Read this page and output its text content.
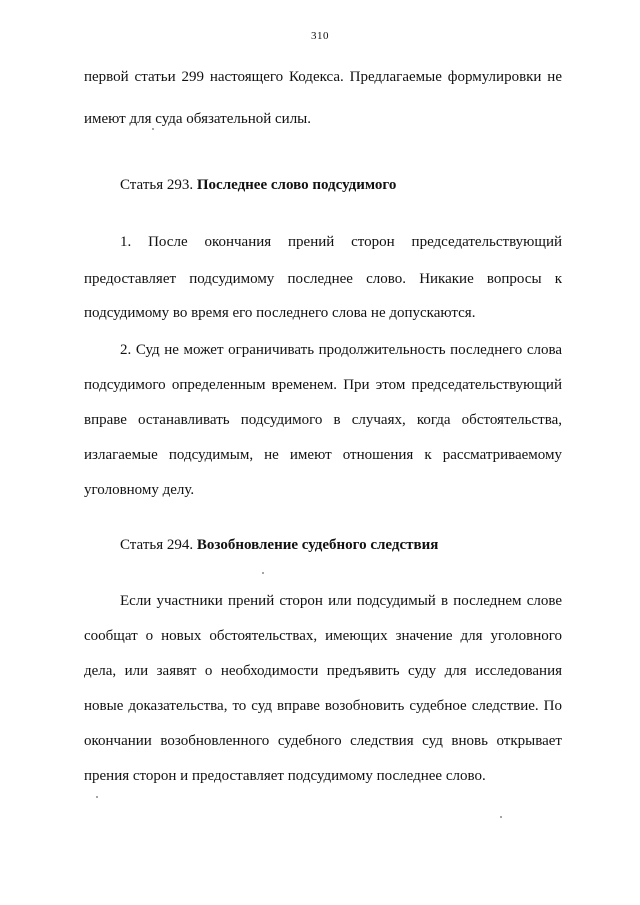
310
первой статьи 299 настоящего Кодекса. Предлагаемые формулировки не
имеют для суда обязательной силы.
Статья 293. Последнее слово подсудимого
1. После окончания прений сторон председательствующий
предоставляет подсудимому последнее слово. Никакие вопросы к
подсудимому во время его последнего слова не допускаются.
2. Суд не может ограничивать продолжительность последнего слова
подсудимого определенным временем. При этом председательствующий
вправе останавливать подсудимого в случаях, когда обстоятельства,
излагаемые подсудимым, не имеют отношения к рассматриваемому
уголовному делу.
Статья 294. Возобновление судебного следствия
Если участники прений сторон или подсудимый в последнем слове
сообщат о новых обстоятельствах, имеющих значение для уголовного
дела, или заявят о необходимости предъявить суду для исследования
новые доказательства, то суд вправе возобновить судебное следствие. По
окончании возобновленного судебного следствия суд вновь открывает
прения сторон и предоставляет подсудимому последнее слово.
